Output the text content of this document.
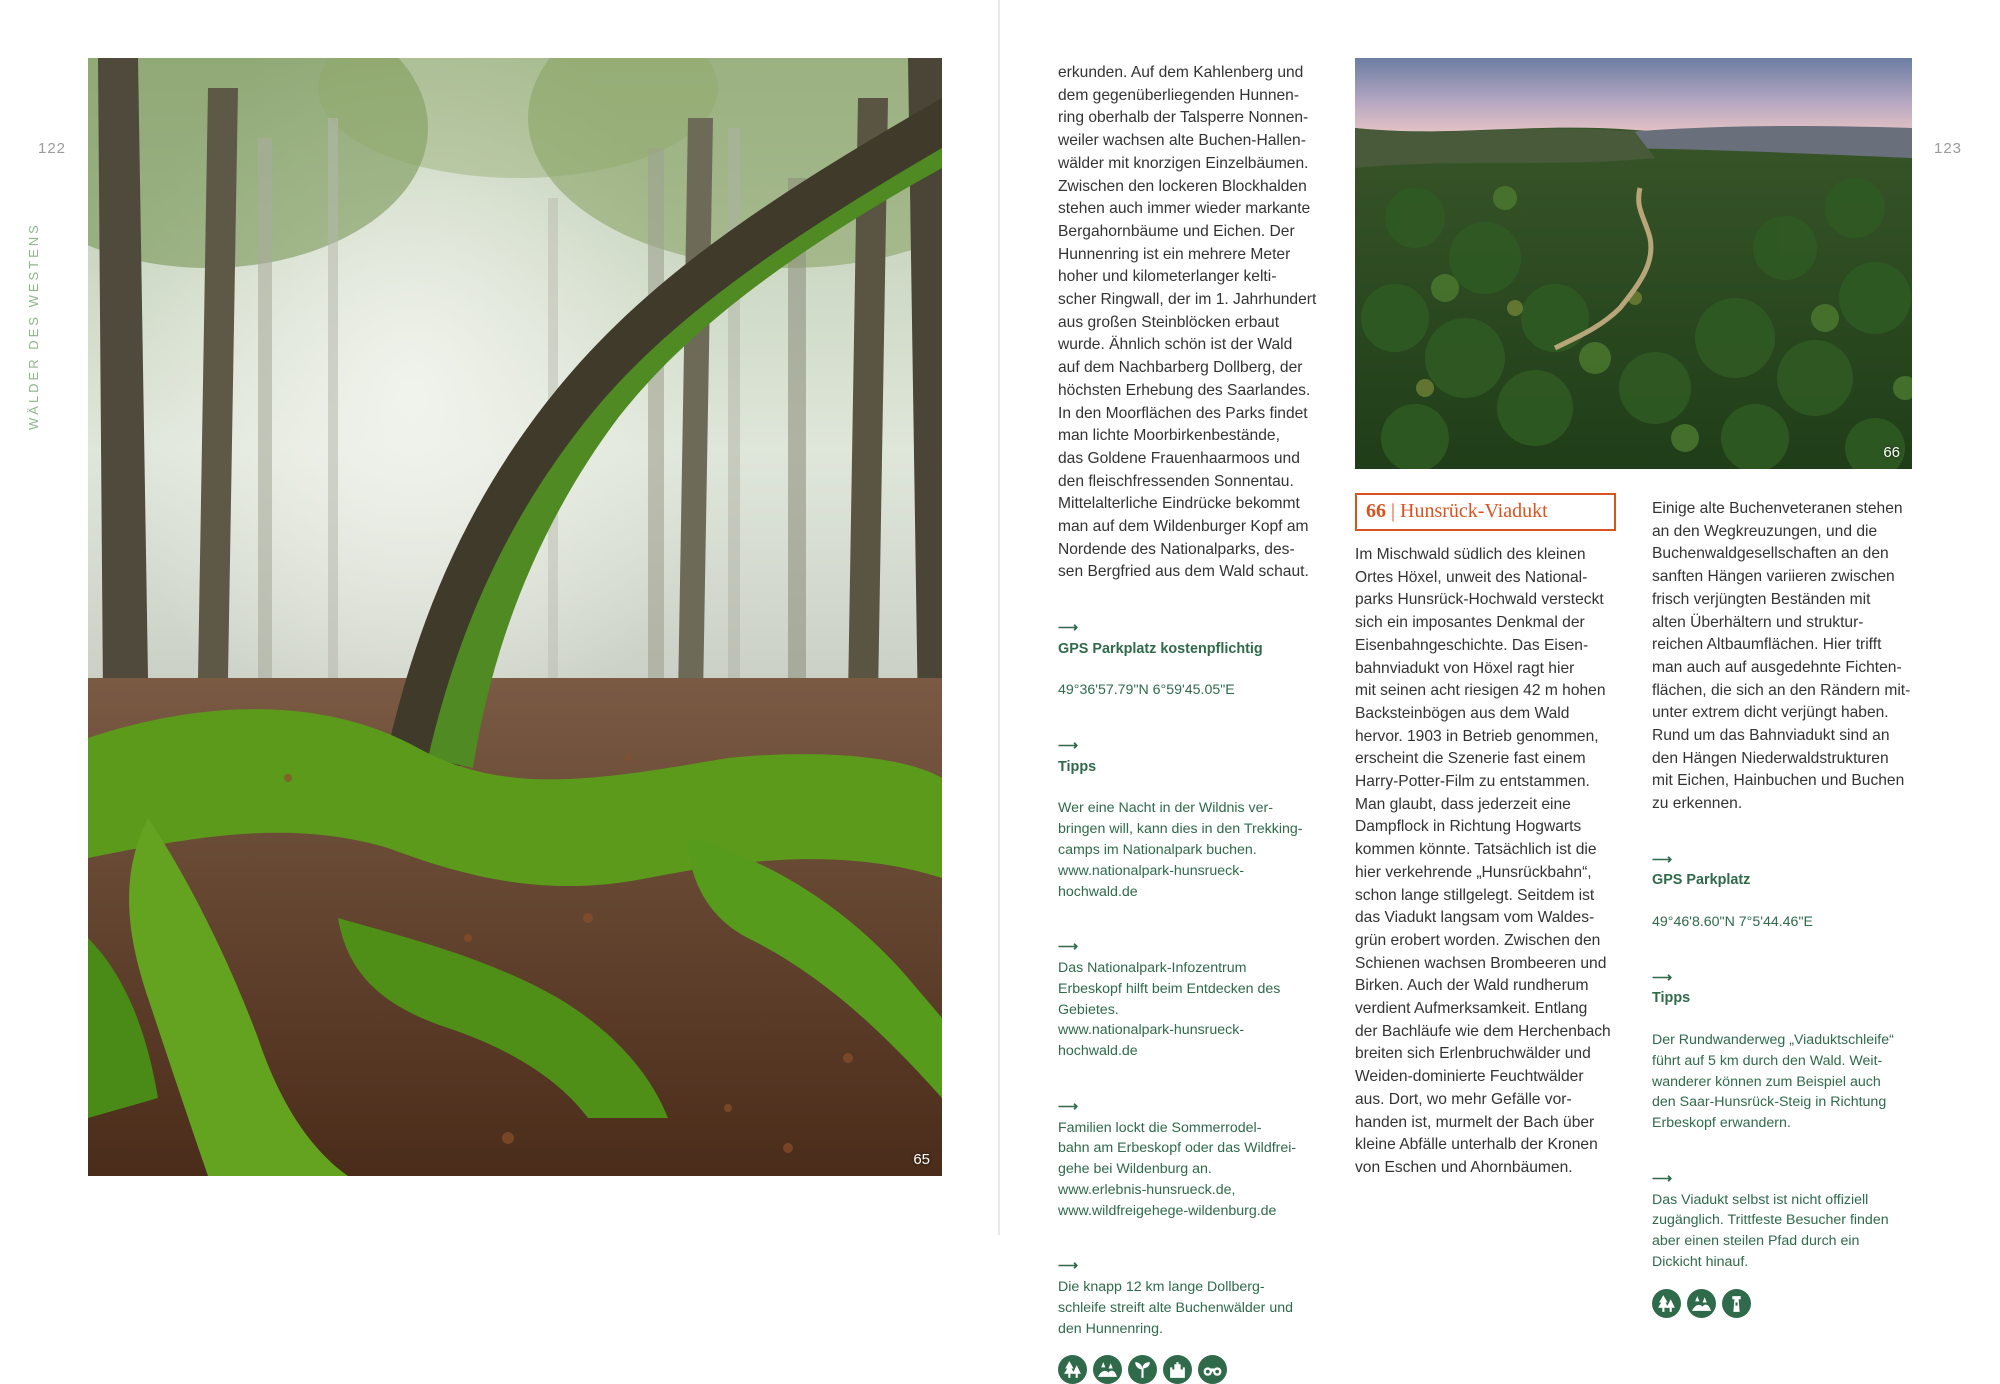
122	123
WÄLDER DES WESTENS
65

erkunden. Auf dem Kahlenberg und
dem gegenüberliegenden Hunnen-
ring oberhalb der Talsperre Nonnen-
weiler wachsen alte Buchen-Hallen-
wälder mit knorzigen Einzelbäumen.
Zwischen den lockeren Blockhalden
stehen auch immer wieder markante
Bergahornbäume und Eichen. Der
Hunnenring ist ein mehrere Meter
hoher und kilometerlanger kelti-
scher Ringwall, der im 1. Jahrhundert
aus großen Steinblöcken erbaut
wurde. Ähnlich schön ist der Wald
auf dem Nachbarberg Dollberg, der
höchsten Erhebung des Saarlandes.
In den Moorflächen des Parks findet
man lichte Moorbirkenbestände,
das Goldene Frauenhaarmoos und
den fleischfressenden Sonnentau.
Mittelalterliche Eindrücke bekommt
man auf dem Wildenburger Kopf am
Nordende des Nationalparks, des-
sen Bergfried aus dem Wald schaut.

⟶
GPS Parkplatz kostenpflichtig

49°36'57.79"N 6°59'45.05"E

⟶
Tipps

Wer eine Nacht in der Wildnis ver-
bringen will, kann dies in den Trekking-
camps im Nationalpark buchen.
www.nationalpark-hunsrueck-hochwald.de

⟶
Das Nationalpark-Infozentrum
Erbeskopf hilft beim Entdecken des
Gebietes.
www.nationalpark-hunsrueck-hochwald.de

⟶
Familien lockt die Sommerrodel-
bahn am Erbeskopf oder das Wildfrei-
gehe bei Wildenburg an.
www.erlebnis-hunsrueck.de,
www.wildfreigehege-wildenburg.de

⟶
Die knapp 12 km lange Dollberg-
schleife streift alte Buchenwälder und
den Hunnenring.

66
66 | Hunsrück-Viadukt

Im Mischwald südlich des kleinen
Ortes Höxel, unweit des National-
parks Hunsrück-Hochwald versteckt
sich ein imposantes Denkmal der
Eisenbahngeschichte. Das Eisen-
bahnviadukt von Höxel ragt hier
mit seinen acht riesigen 42 m hohen
Backsteinbögen aus dem Wald
hervor. 1903 in Betrieb genommen,
erscheint die Szenerie fast einem
Harry-Potter-Film zu entstammen.
Man glaubt, dass jederzeit eine
Dampflock in Richtung Hogwarts
kommen könnte. Tatsächlich ist die
hier verkehrende „Hunsrückbahn“,
schon lange stillgelegt. Seitdem ist
das Viadukt langsam vom Waldes-
grün erobert worden. Zwischen den
Schienen wachsen Brombeeren und
Birken. Auch der Wald rundherum
verdient Aufmerksamkeit. Entlang
der Bachläufe wie dem Herchenbach
breiten sich Erlenbruchwälder und
Weiden-dominierte Feuchtwälder
aus. Dort, wo mehr Gefälle vor-
handen ist, murmelt der Bach über
kleine Abfälle unterhalb der Kronen
von Eschen und Ahornbäumen.

Einige alte Buchenveteranen stehen
an den Wegkreuzungen, und die
Buchenwaldgesellschaften an den
sanften Hängen variieren zwischen
frisch verjüngten Beständen mit
alten Überhältern und struktur-
reichen Altbaumflächen. Hier trifft
man auch auf ausgedehnte Fichten-
flächen, die sich an den Rändern mit-
unter extrem dicht verjüngt haben.
Rund um das Bahnviadukt sind an
den Hängen Niederwaldstrukturen
mit Eichen, Hainbuchen und Buchen
zu erkennen.

⟶
GPS Parkplatz

49°46'8.60"N 7°5'44.46"E

⟶
Tipps

Der Rundwanderweg „Viaduktschleife“
führt auf 5 km durch den Wald. Weit-
wanderer können zum Beispiel auch
den Saar-Hunsrück-Steig in Richtung
Erbeskopf erwandern.

⟶
Das Viadukt selbst ist nicht offiziell
zugänglich. Trittfeste Besucher finden
aber einen steilen Pfad durch ein
Dickicht hinauf.
